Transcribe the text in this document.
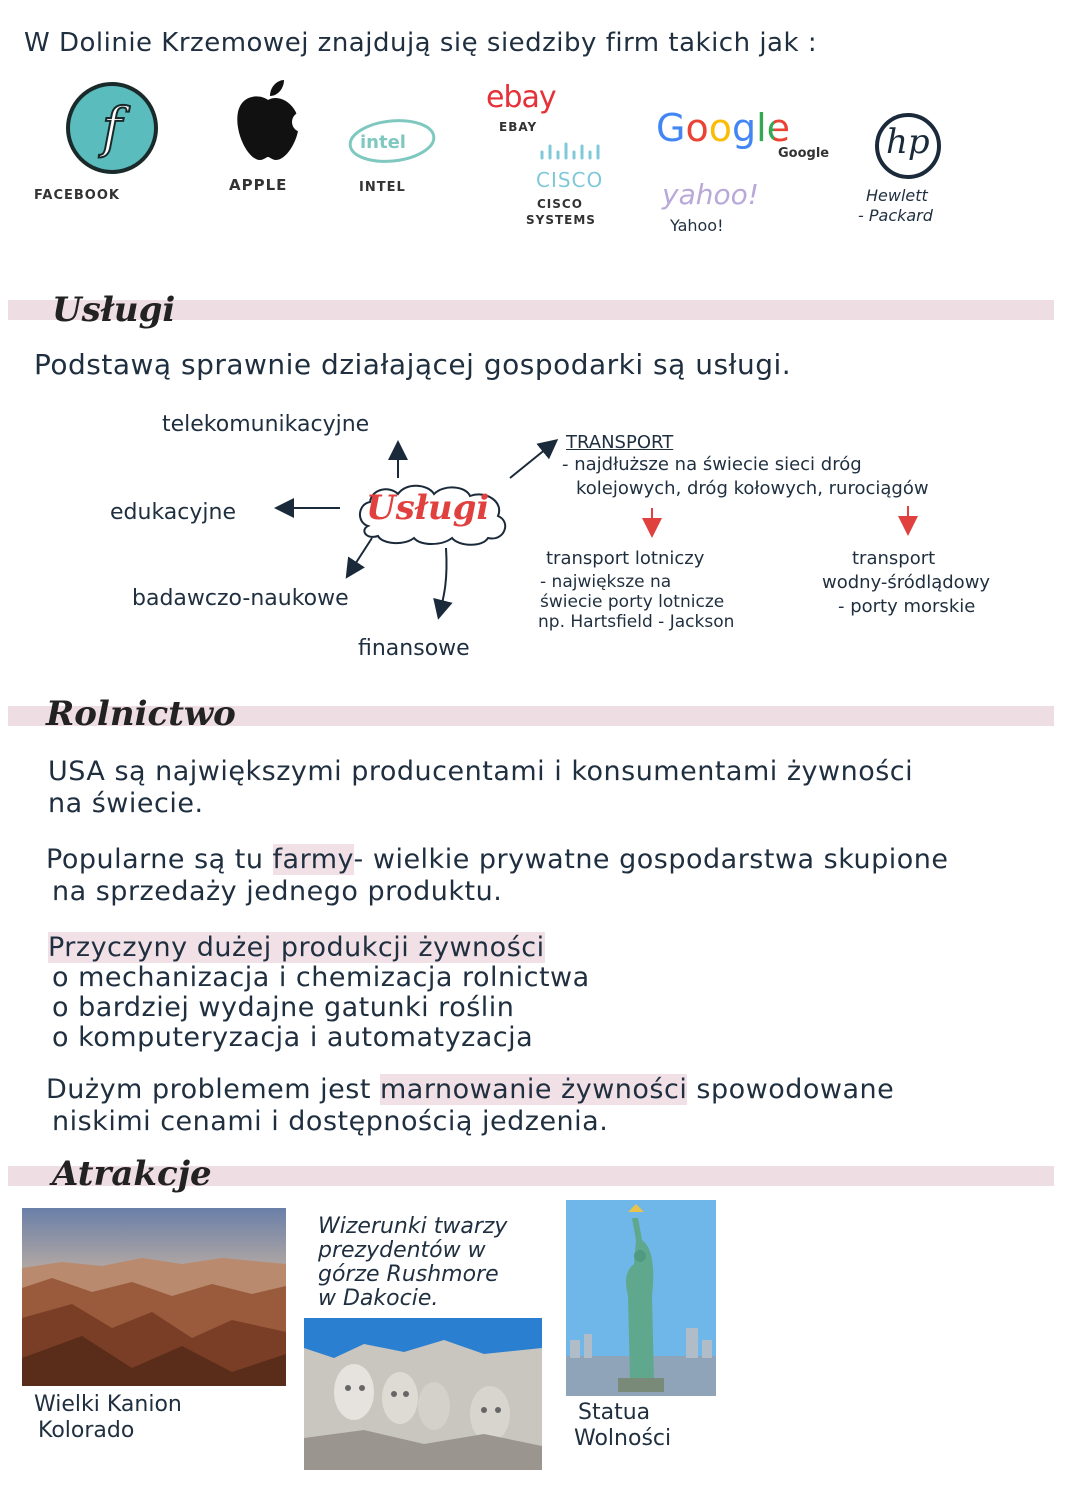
W Dolinie Krzemowej znajdują się siedziby firm takich jak :
f
FACEBOOK
APPLE
intel
INTEL
ebay
EBAY
CISCO
CISCO
SYSTEMS
Google
Google
yahoo!
Yahoo!
hp
Hewlett
- Packard
Usługi
Podstawą sprawnie działającej gospodarki są usługi.
telekomunikacyjne
edukacyjne
badawczo-naukowe
finansowe
Usługi
TRANSPORT
- najdłuższe na świecie sieci dróg
kolejowych, dróg kołowych, rurociągów
transport lotniczy
- największe na
świecie porty lotnicze
np. Hartsfield - Jackson
transport
wodny-śródlądowy
- porty morskie
Rolnictwo
USA są największymi producentami i konsumentami żywności
na świecie.
Popularne są tu farmy- wielkie prywatne gospodarstwa skupione
na sprzedaży jednego produktu.
Przyczyny dużej produkcji żywności
o mechanizacja i chemizacja rolnictwa
o bardziej wydajne gatunki roślin
o komputeryzacja i automatyzacja
Dużym problemem jest marnowanie żywności spowodowane
niskimi cenami i dostępnością jedzenia.
Atrakcje
Wielki Kanion
Kolorado
Wizerunki twarzy
prezydentów w
górze Rushmore
w Dakocie.
Statua
Wolności
